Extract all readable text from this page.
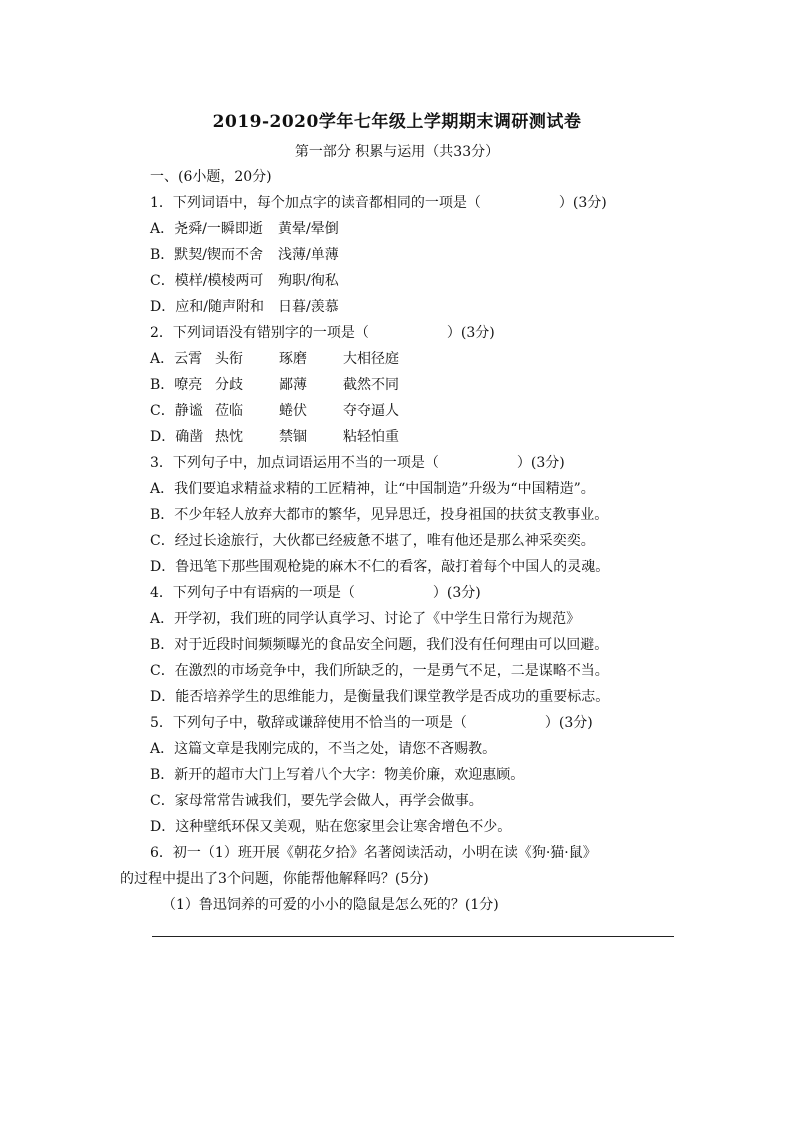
2019-2020学年七年级上学期期末调研测试卷
第一部分 积累与运用（共33分）
一、(6小题，20分)
1．下列词语中，每个加点字的读音都相同的一项是（	）(3分)
A．尧舜/一瞬即逝 黄晕/晕倒
B．默契/锲而不舍 浅薄/单薄
C．模样/模棱两可 殉职/徇私
D．应和/随声附和 日暮/羡慕
2．下列词语没有错别字的一项是（	）(3分)
A．云霄 头衔	琢磨	大相径庭
B．嘹亮 分歧	鄙薄	截然不同
C．静谧 莅临	蜷伏	夺夺逼人
D．确凿 热忱	禁锢	粘轻怕重
3．下列句子中，加点词语运用不当的一项是（	）(3分)
A．我们要追求精益求精的工匠精神，让“中国制造”升级为“中国精造”。
B．不少年轻人放弃大都市的繁华，见异思迁，投身祖国的扶贫支教事业。
C．经过长途旅行，大伙都已经疲惫不堪了，唯有他还是那么神采奕奕。
D．鲁迅笔下那些围观枪毙的麻木不仁的看客，敲打着每个中国人的灵魂。
4．下列句子中有语病的一项是（	）(3分)
A．开学初，我们班的同学认真学习、讨论了《中学生日常行为规范》
B．对于近段时间频频曝光的食品安全问题，我们没有任何理由可以回避。
C．在激烈的市场竞争中，我们所缺乏的，一是勇气不足，二是谋略不当。
D．能否培养学生的思维能力，是衡量我们课堂教学是否成功的重要标志。
5．下列句子中，敬辞或谦辞使用不恰当的一项是（	）(3分)
A．这篇文章是我刚完成的，不当之处，请您不吝赐教。
B．新开的超市大门上写着八个大字：物美价廉，欢迎惠顾。
C．家母常常告诫我们，要先学会做人，再学会做事。
D．这种壁纸环保又美观，贴在您家里会让寒舍增色不少。
6．初一（1）班开展《朝花夕拾》名著阅读活动，小明在读《狗·猫·鼠》
的过程中提出了3个问题，你能帮他解释吗？(5分)
（1）鲁迅饲养的可爱的小小的隐鼠是怎么死的？(1分)
